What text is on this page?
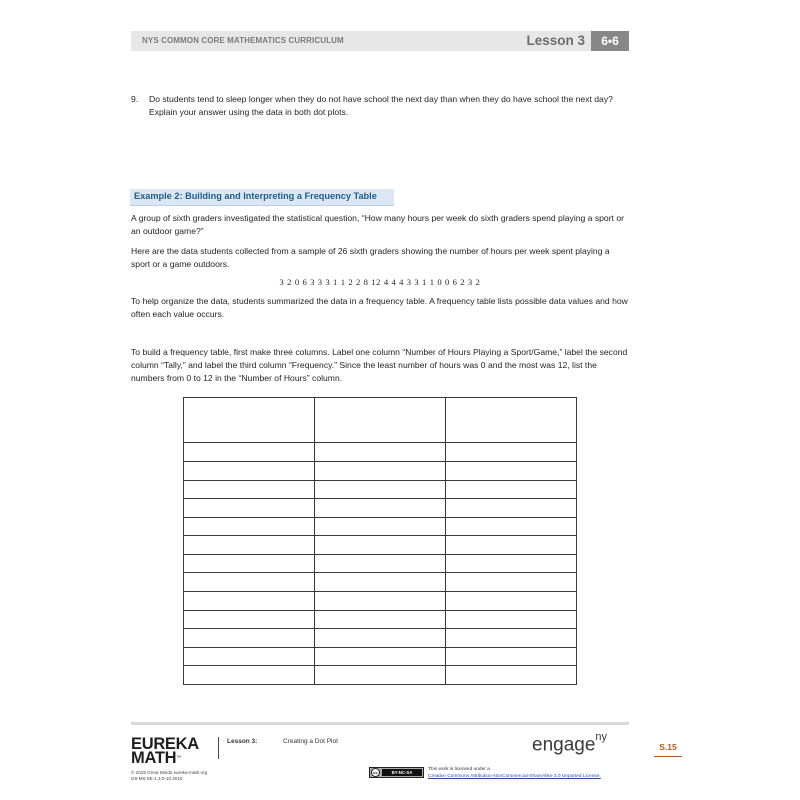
NYS COMMON CORE MATHEMATICS CURRICULUM	Lesson 3	6•6
9. Do students tend to sleep longer when they do not have school the next day than when they do have school the next day? Explain your answer using the data in both dot plots.
Example 2: Building and Interpreting a Frequency Table
A group of sixth graders investigated the statistical question, “How many hours per week do sixth graders spend playing a sport or an outdoor game?”
Here are the data students collected from a sample of 26 sixth graders showing the number of hours per week spent playing a sport or a game outdoors.
3 2 0 6 3 3 3 1 1 2 2 8 12 4 4 4 3 3 1 1 0 0 6 2 3 2
To help organize the data, students summarized the data in a frequency table. A frequency table lists possible data values and how often each value occurs.
To build a frequency table, first make three columns. Label one column “Number of Hours Playing a Sport/Game,” label the second column “Tally,” and label the third column “Frequency.” Since the least number of hours was 0 and the most was 12, list the numbers from 0 to 12 in the “Number of Hours” column.

EUREKA
MATH™
Lesson 3:	Creating a Dot Plot
© 2015 Great Minds eureka-math.org
G6-M6-SE-1.3.0-10.2015
engage$^{ny}$
S.15
cc	BY-NC-SA
This work is licensed under a
Creative Commons Attribution-NonCommercial-ShareAlike 3.0 Unported License.
